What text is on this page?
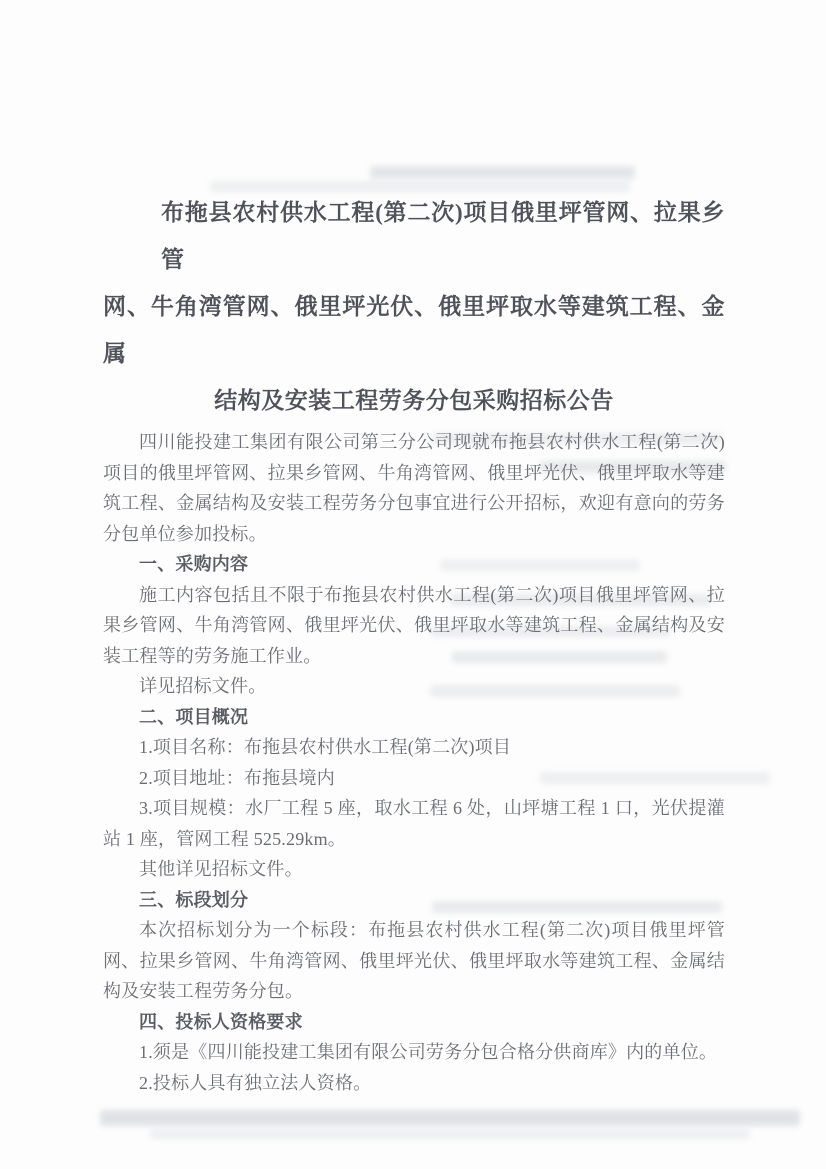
布拖县农村供水工程(第二次)项目俄里坪管网、拉果乡管
网、牛角湾管网、俄里坪光伏、俄里坪取水等建筑工程、金属
结构及安装工程劳务分包采购招标公告

四川能投建工集团有限公司第三分公司现就布拖县农村供水工程(第二次)项目的俄里坪管网、拉果乡管网、牛角湾管网、俄里坪光伏、俄里坪取水等建筑工程、金属结构及安装工程劳务分包事宜进行公开招标，欢迎有意向的劳务分包单位参加投标。

一、采购内容

施工内容包括且不限于布拖县农村供水工程(第二次)项目俄里坪管网、拉果乡管网、牛角湾管网、俄里坪光伏、俄里坪取水等建筑工程、金属结构及安装工程等的劳务施工作业。

详见招标文件。

二、项目概况

1.项目名称：布拖县农村供水工程(第二次)项目

2.项目地址：布拖县境内

3.项目规模：水厂工程 5 座，取水工程 6 处，山坪塘工程 1 口，光伏提灌站 1 座，管网工程 525.29km。

其他详见招标文件。

三、标段划分

本次招标划分为一个标段：布拖县农村供水工程(第二次)项目俄里坪管网、拉果乡管网、牛角湾管网、俄里坪光伏、俄里坪取水等建筑工程、金属结构及安装工程劳务分包。

四、投标人资格要求

1.须是《四川能投建工集团有限公司劳务分包合格分供商库》内的单位。

2.投标人具有独立法人资格。
